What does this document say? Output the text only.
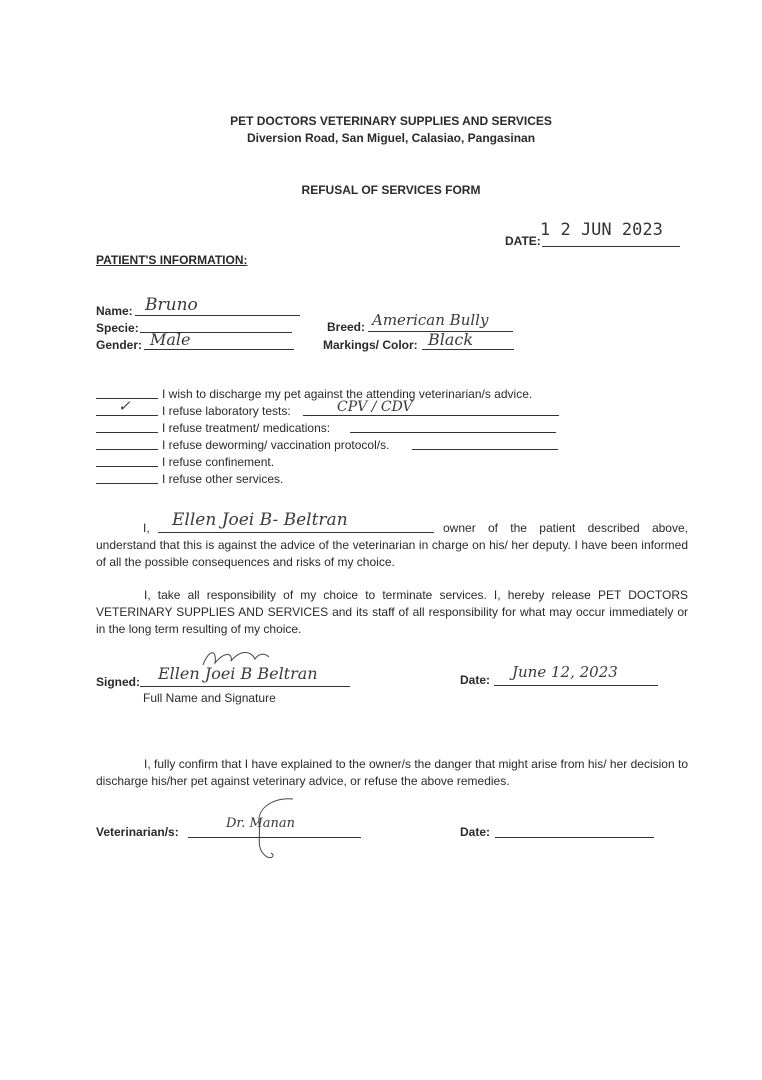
PET DOCTORS VETERINARY SUPPLIES AND SERVICES
Diversion Road, San Miguel, Calasiao, Pangasinan
REFUSAL OF SERVICES FORM
DATE:
1 2 JUN 2023
PATIENT'S INFORMATION:
Name: Bruno
Specie:
Gender: Male
Breed: American Bully
Markings/ Color: Black
I wish to discharge my pet against the attending veterinarian/s advice.
✓	I refuse laboratory tests:	CPV / CDV
I refuse treatment/ medications:
I refuse deworming/ vaccination protocol/s.
I refuse confinement.
I refuse other services.
I, Ellen Joei B- Beltran	owner of the patient described above,
understand that this is against the advice of the veterinarian in charge on his/ her deputy. I have been informed of all the possible consequences and risks of my choice.
I, take all responsibility of my choice to terminate services. I, hereby release PET DOCTORS VETERINARY SUPPLIES AND SERVICES and its staff of all responsibility for what may occur immediately or in the long term resulting of my choice.
Signed: Ellen Joei B Beltran
Full Name and Signature
Date: June 12, 2023
I, fully confirm that I have explained to the owner/s the danger that might arise from his/ her decision to discharge his/her pet against veterinary advice, or refuse the above remedies.
Veterinarian/s:
Dr. Manan
Date:
